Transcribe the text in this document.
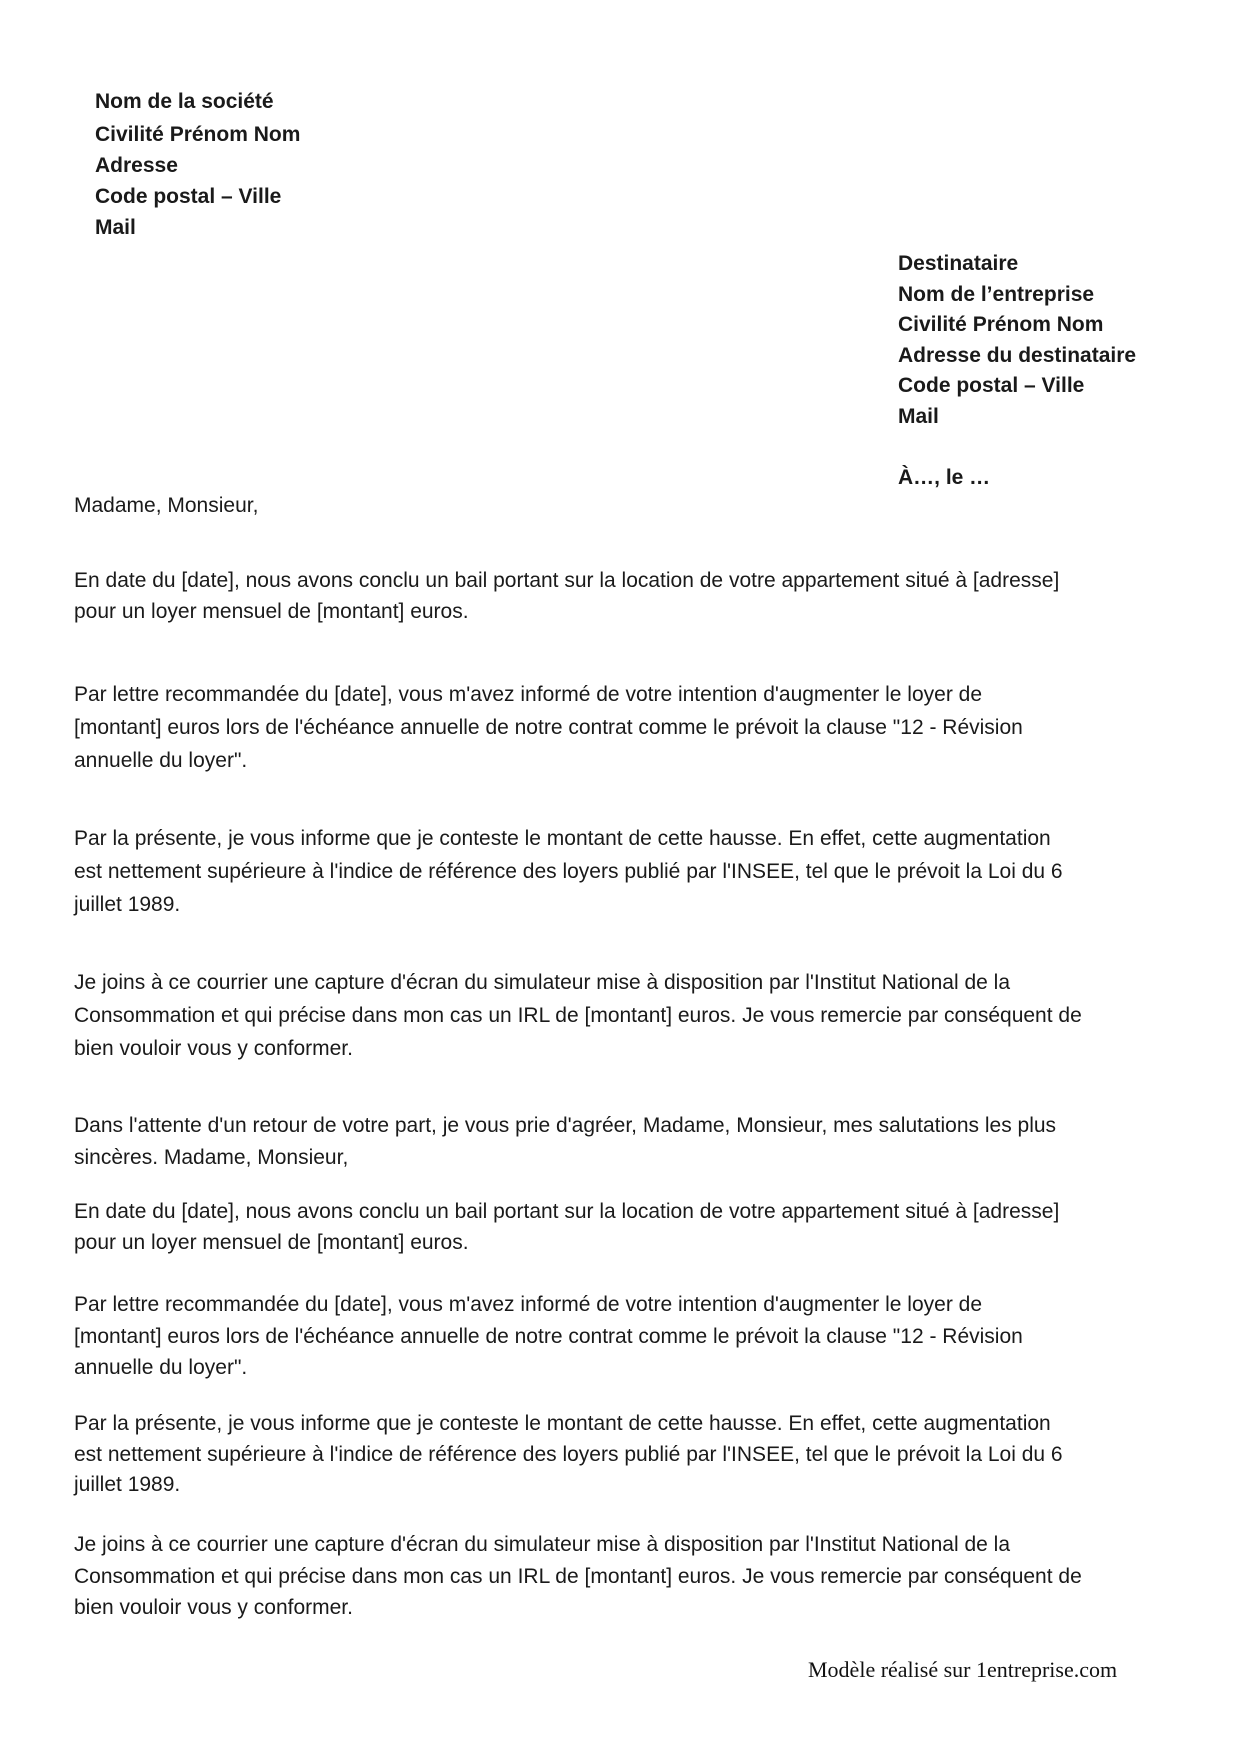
Nom de la société
Civilité Prénom Nom
Adresse
Code postal – Ville
Mail
Destinataire
Nom de l’entreprise
Civilité Prénom Nom
Adresse du destinataire
Code postal – Ville
Mail
À…, le …
Madame, Monsieur,
En date du [date], nous avons conclu un bail portant sur la location de votre appartement situé à [adresse]
pour un loyer mensuel de [montant] euros.
Par lettre recommandée du [date], vous m'avez informé de votre intention d'augmenter le loyer de
[montant] euros lors de l'échéance annuelle de notre contrat comme le prévoit la clause "12 - Révision
annuelle du loyer".
Par la présente, je vous informe que je conteste le montant de cette hausse. En effet, cette augmentation
est nettement supérieure à l'indice de référence des loyers publié par l'INSEE, tel que le prévoit la Loi du 6
juillet 1989.
Je joins à ce courrier une capture d'écran du simulateur mise à disposition par l'Institut National de la
Consommation et qui précise dans mon cas un IRL de [montant] euros. Je vous remercie par conséquent de
bien vouloir vous y conformer.
Dans l'attente d'un retour de votre part, je vous prie d'agréer, Madame, Monsieur, mes salutations les plus
sincères. Madame, Monsieur,
En date du [date], nous avons conclu un bail portant sur la location de votre appartement situé à [adresse]
pour un loyer mensuel de [montant] euros.
Par lettre recommandée du [date], vous m'avez informé de votre intention d'augmenter le loyer de
[montant] euros lors de l'échéance annuelle de notre contrat comme le prévoit la clause "12 - Révision
annuelle du loyer".
Par la présente, je vous informe que je conteste le montant de cette hausse. En effet, cette augmentation
est nettement supérieure à l'indice de référence des loyers publié par l'INSEE, tel que le prévoit la Loi du 6
juillet 1989.
Je joins à ce courrier une capture d'écran du simulateur mise à disposition par l'Institut National de la
Consommation et qui précise dans mon cas un IRL de [montant] euros. Je vous remercie par conséquent de
bien vouloir vous y conformer.
Modèle réalisé sur 1entreprise.com
